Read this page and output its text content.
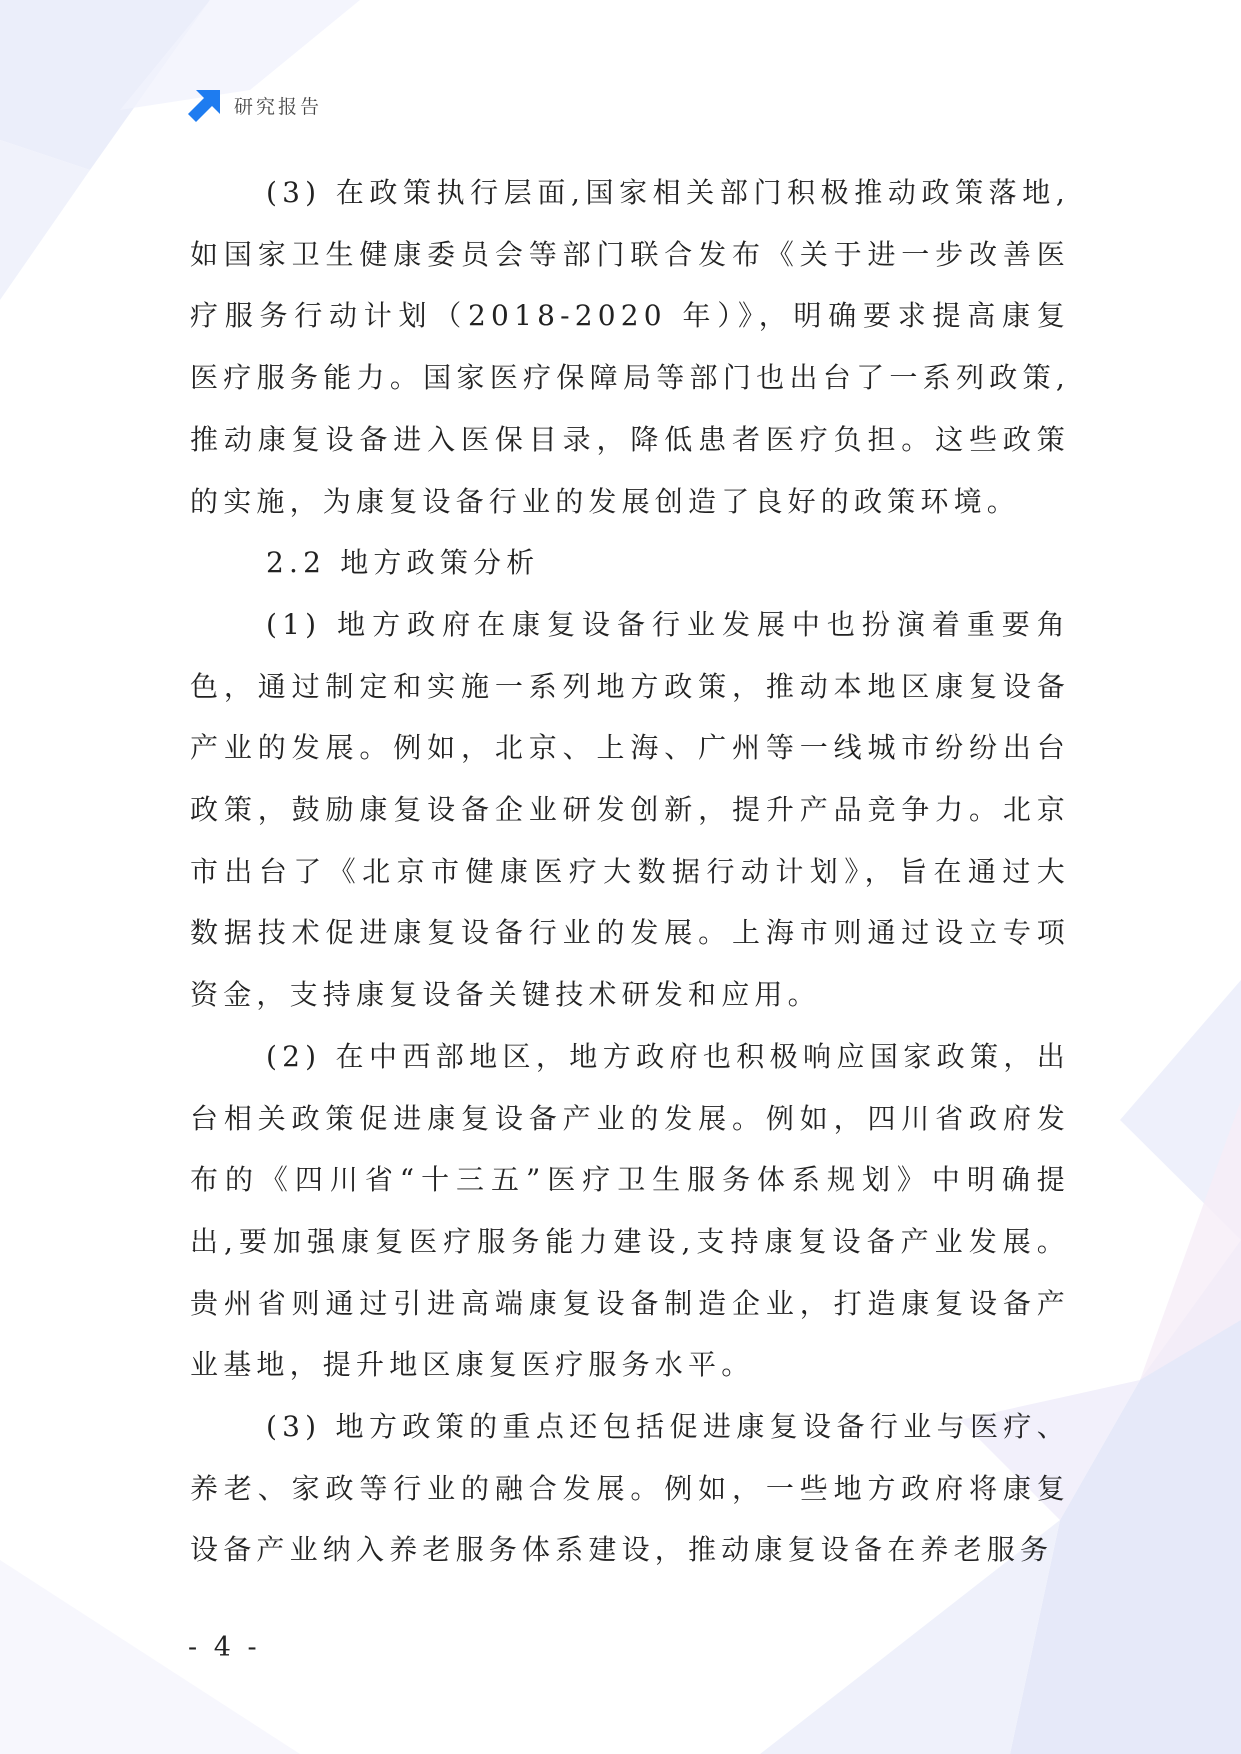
研究报告

(3) 在政策执行层面,国家相关部门积极推动政策落地,如国家卫生健康委员会等部门联合发布《关于进一步改善医疗服务行动计划（2018-2020 年）》，明确要求提高康复医疗服务能力。国家医疗保障局等部门也出台了一系列政策,推动康复设备进入医保目录，降低患者医疗负担。这些政策的实施，为康复设备行业的发展创造了良好的政策环境。

2.2 地方政策分析

(1) 地方政府在康复设备行业发展中也扮演着重要角色，通过制定和实施一系列地方政策，推动本地区康复设备产业的发展。例如，北京、上海、广州等一线城市纷纷出台政策，鼓励康复设备企业研发创新，提升产品竞争力。北京市出台了《北京市健康医疗大数据行动计划》，旨在通过大数据技术促进康复设备行业的发展。上海市则通过设立专项资金，支持康复设备关键技术研发和应用。

(2) 在中西部地区，地方政府也积极响应国家政策，出台相关政策促进康复设备产业的发展。例如，四川省政府发布的《四川省“十三五”医疗卫生服务体系规划》中明确提出,要加强康复医疗服务能力建设,支持康复设备产业发展。贵州省则通过引进高端康复设备制造企业，打造康复设备产业基地，提升地区康复医疗服务水平。

(3) 地方政策的重点还包括促进康复设备行业与医疗、养老、家政等行业的融合发展。例如，一些地方政府将康复设备产业纳入养老服务体系建设，推动康复设备在养老服务

- 4 -
